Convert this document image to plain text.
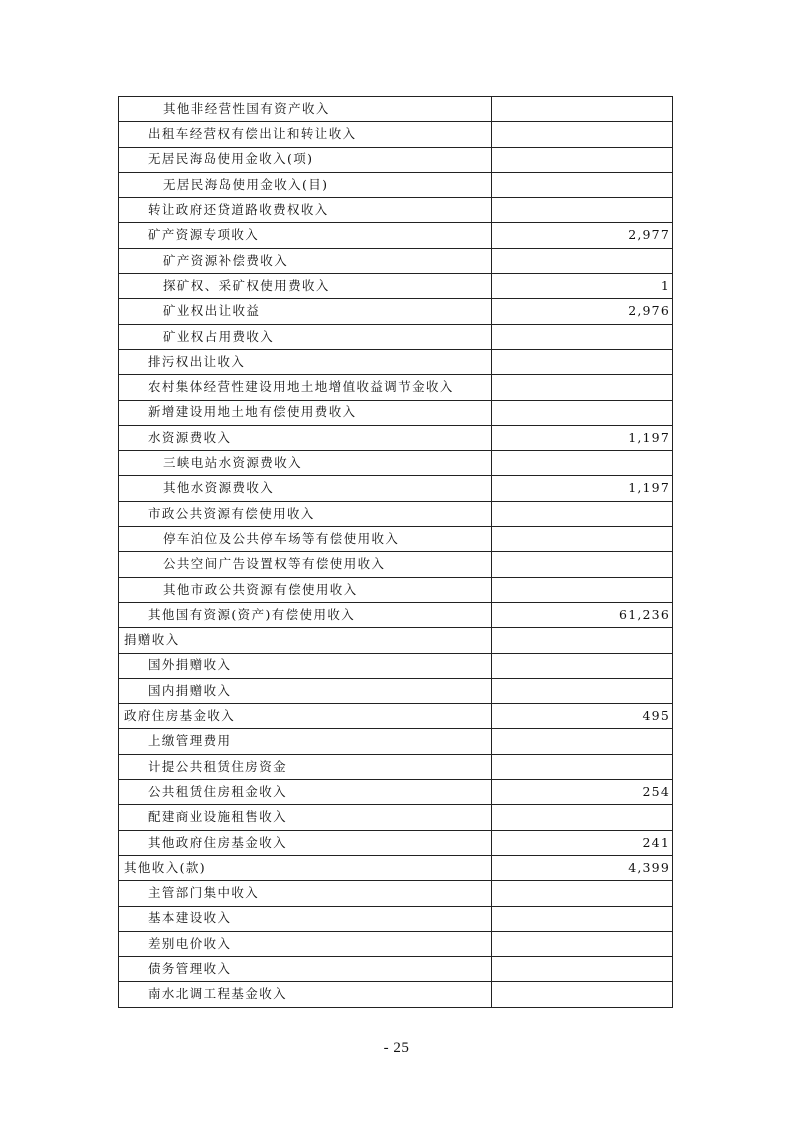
其他非经营性国有资产收入	
出租车经营权有偿出让和转让收入	
无居民海岛使用金收入(项)	
无居民海岛使用金收入(目)	
转让政府还贷道路收费权收入	
矿产资源专项收入	2,977
矿产资源补偿费收入	
探矿权、采矿权使用费收入	1
矿业权出让收益	2,976
矿业权占用费收入	
排污权出让收入	
农村集体经营性建设用地土地增值收益调节金收入	
新增建设用地土地有偿使用费收入	
水资源费收入	1,197
三峡电站水资源费收入	
其他水资源费收入	1,197
市政公共资源有偿使用收入	
停车泊位及公共停车场等有偿使用收入	
公共空间广告设置权等有偿使用收入	
其他市政公共资源有偿使用收入	
其他国有资源(资产)有偿使用收入	61,236
捐赠收入	
国外捐赠收入	
国内捐赠收入	
政府住房基金收入	495
上缴管理费用	
计提公共租赁住房资金	
公共租赁住房租金收入	254
配建商业设施租售收入	
其他政府住房基金收入	241
其他收入(款)	4,399
主管部门集中收入	
基本建设收入	
差别电价收入	
债务管理收入	
南水北调工程基金收入	
- 25
